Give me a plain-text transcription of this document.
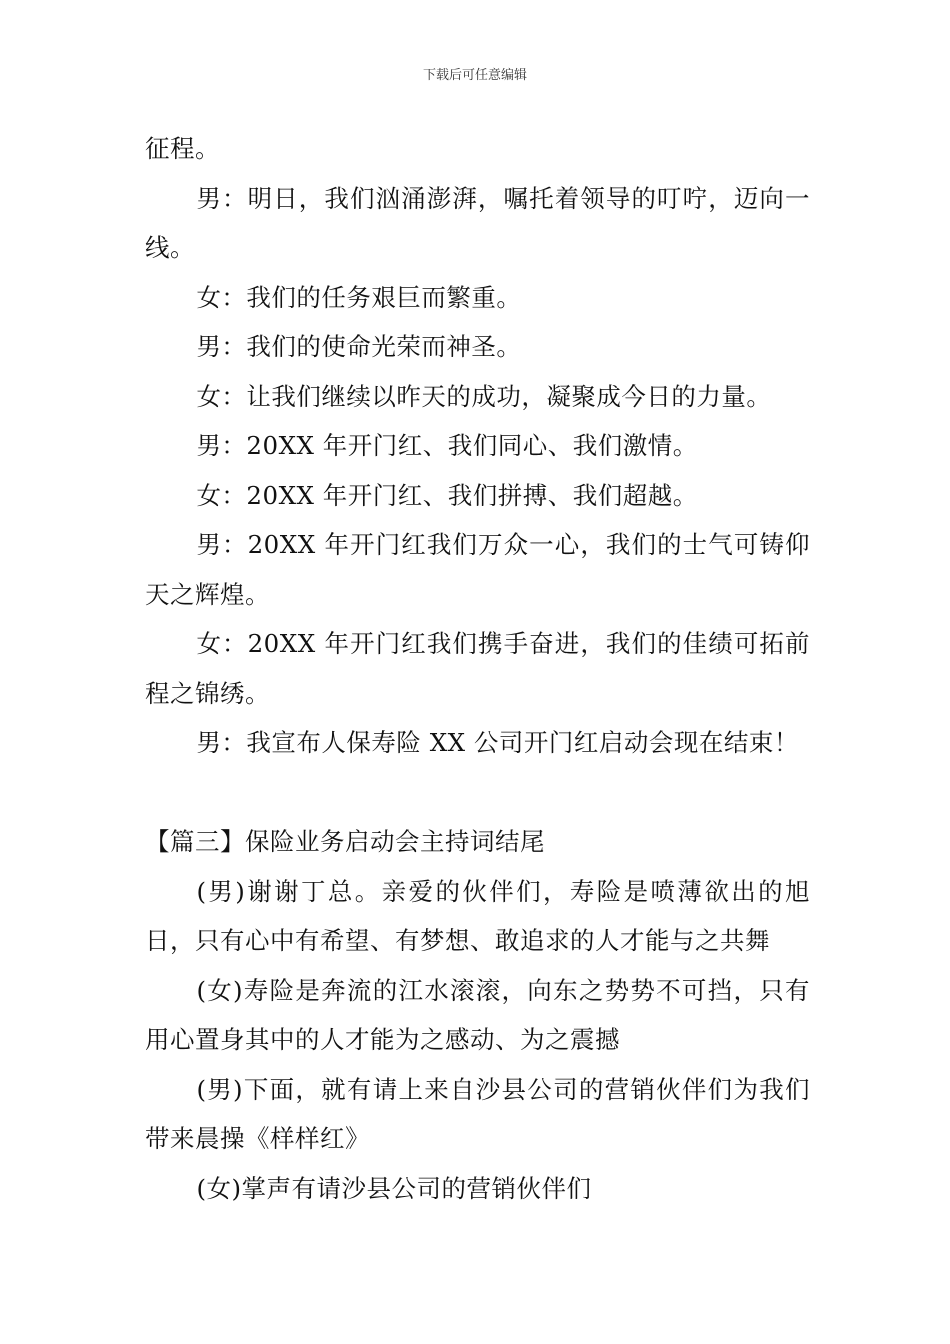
下载后可任意编辑

征程。

男：明日，我们汹涌澎湃，嘱托着领导的叮咛，迈向一线。

女：我们的任务艰巨而繁重。

男：我们的使命光荣而神圣。

女：让我们继续以昨天的成功，凝聚成今日的力量。

男：20XX 年开门红、我们同心、我们激情。

女：20XX 年开门红、我们拼搏、我们超越。

男：20XX 年开门红我们万众一心，我们的士气可铸仰天之辉煌。

女：20XX 年开门红我们携手奋进，我们的佳绩可拓前程之锦绣。

男：我宣布人保寿险 XX 公司开门红启动会现在结束！

【篇三】保险业务启动会主持词结尾

(男)谢谢丁总。亲爱的伙伴们，寿险是喷薄欲出的旭日，只有心中有希望、有梦想、敢追求的人才能与之共舞

(女)寿险是奔流的江水滚滚，向东之势势不可挡，只有用心置身其中的人才能为之感动、为之震撼

(男)下面，就有请上来自沙县公司的营销伙伴们为我们带来晨操《样样红》

(女)掌声有请沙县公司的营销伙伴们
